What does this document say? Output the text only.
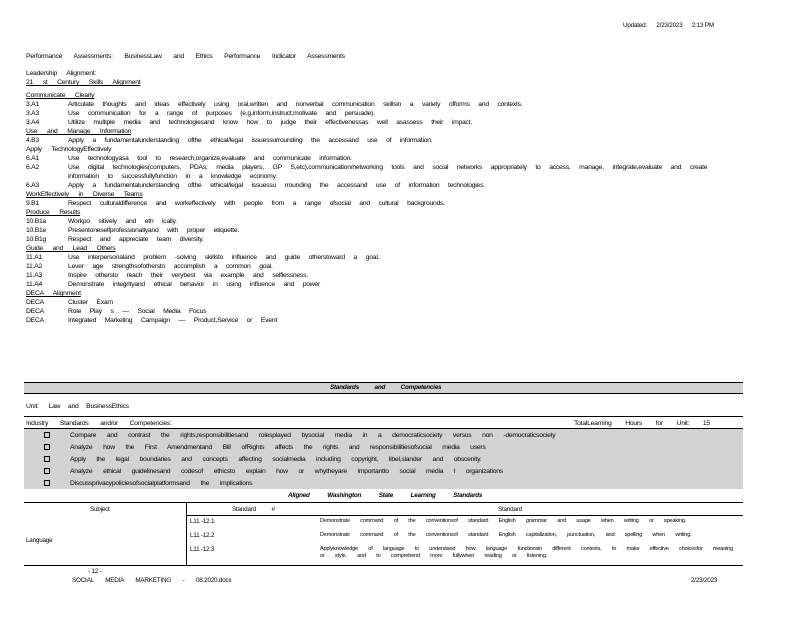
Updated: 2/23/2023 2:13 PM
Performance Assessments: BusinessLaw and Ethics Performance Indicator Assessments
Leadership Alignment:
21 st Century Skills Alignment
Communicate Clearly
3.A1	Articulate thoughts and ideas effectively using oral,written and nonverbal communication skillsin a variety offorms and contexts.
3.A3	Use communication for a range of purposes (e.g.inform,instruct,motivate and persuade).
3.A4	Utilize multiple media and technologiesand know how to judge their effectivenessas well asassess their impact.
Use and Manage Information
4.B3	Apply a fundamentalunderstanding ofthe ethical/legal issuessurrounding the accessand use of information.
Apply TechnologyEffectively
6.A1	Use technologyasa tool to research,organize,evaluate and communicate information.
6.A2	Use digital technologies(computers, PDAs, media players, GP S,etc),communication/networking tools and social networks appropriately to access, manage, integrate,evaluate and create information to successfullyfunction in a knowledge economy.
6.A3	Apply a fundamentalunderstanding ofthe ethical/legal issuessu rrounding the accessand use of information technologies.
WorkEffectively in Diverse Teams
9.B1	Respect culturaldifference and workeffectively with people from a range ofsocial and cultural backgrounds.
Produce Results
10.B1a	Workpo sitively and eth ically.
10.B1e	Presentoneselfprofessionallyand with proper etiquette.
10.B1g	Respect and appreciate team diversity.
Guide and Lead Others
11.A1	Use interpersonaland problem -solving skillsto influence and guide otherstoward a goal.
11.A2	Lever age strengthsofothersto accomplish a common goal.
11.A3	Inspire othersto reach their verybest via example and selflessness.
11.A4	Demonstrate integrityand ethical behavior in using influence and power
DECA Alignment
DECA	Cluster Exam
DECA	Role Play s — Social Media Focus
DECA	Integrated Marketing Campaign — Product,Service or Event
Standards and Competencies
Unit: Law and BusinessEthics
Industry Standards and/or Competencies:	TotalLearning Hours for Unit: 15
Compare and contrast the rights,responsibilitiesand rolesplayed bysocial media in a democraticsociety versus non -democraticsociety
Analyze how the First Amendmentand Bill ofRights affects the rights and responsibilitiesofsocial media users
Apply the legal boundaries and concepts affecting socialmedia including copyright, libel,slander and obscenity.
Analyze ethical guidelinesand codesof ethicsto explain how or whytheyare importantto social media l organizations
Discussprivacypoliciesofsocialplatformsand the implications
Aligned Washington State Learning Standards
Subject	Standard #	Standard
Language
L11 -12.1	Demonstrate command of the conventionsof standard English grammar and usage when writing or speaking.
L11 -12.2	Demonstrate command of the conventionsof standard English capitalization, punctuation, and spelling when writing.
L11 -12.3	Applyknowledge of language to understand how language functionsin different contexts, to make effective choicesfor meaning or style, and to comprehend more fullywhen reading or listening.
- 12 -
SOCIAL MEDIA MARKETING - 08.2020.docx	2/23/2023
